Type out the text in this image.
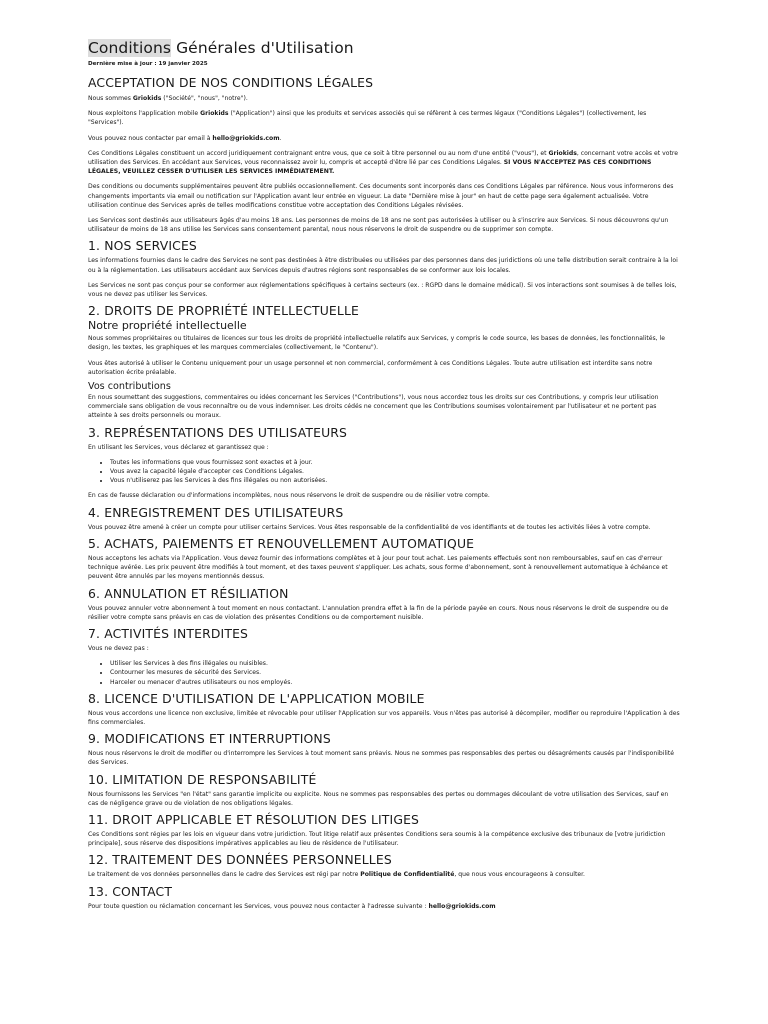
Conditions Générales d'Utilisation
Dernière mise à jour : 19 janvier 2025
ACCEPTATION DE NOS CONDITIONS LÉGALES

Nous sommes Griokids ("Société", "nous", "notre").

Nous exploitons l'application mobile Griokids ("Application") ainsi que les produits et services associés qui se réfèrent à ces termes légaux ("Conditions Légales") (collectivement, les "Services").

Vous pouvez nous contacter par email à hello@griokids.com.

Ces Conditions Légales constituent un accord juridiquement contraignant entre vous, que ce soit à titre personnel ou au nom d'une entité ("vous"), et Griokids, concernant votre accès et votre utilisation des Services. En accédant aux Services, vous reconnaissez avoir lu, compris et accepté d'être lié par ces Conditions Légales. SI VOUS N'ACCEPTEZ PAS CES CONDITIONS LÉGALES, VEUILLEZ CESSER D'UTILISER LES SERVICES IMMÉDIATEMENT.

Des conditions ou documents supplémentaires peuvent être publiés occasionnellement. Ces documents sont incorporés dans ces Conditions Légales par référence. Nous vous informerons des changements importants via email ou notification sur l'Application avant leur entrée en vigueur. La date "Dernière mise à jour" en haut de cette page sera également actualisée. Votre utilisation continue des Services après de telles modifications constitue votre acceptation des Conditions Légales révisées.

Les Services sont destinés aux utilisateurs âgés d'au moins 18 ans. Les personnes de moins de 18 ans ne sont pas autorisées à utiliser ou à s'inscrire aux Services. Si nous découvrons qu'un utilisateur de moins de 18 ans utilise les Services sans consentement parental, nous nous réservons le droit de suspendre ou de supprimer son compte.

1. NOS SERVICES

Les informations fournies dans le cadre des Services ne sont pas destinées à être distribuées ou utilisées par des personnes dans des juridictions où une telle distribution serait contraire à la loi ou à la réglementation. Les utilisateurs accédant aux Services depuis d'autres régions sont responsables de se conformer aux lois locales.

Les Services ne sont pas conçus pour se conformer aux réglementations spécifiques à certains secteurs (ex. : RGPD dans le domaine médical). Si vos interactions sont soumises à de telles lois, vous ne devez pas utiliser les Services.

2. DROITS DE PROPRIÉTÉ INTELLECTUELLE
Notre propriété intellectuelle

Nous sommes propriétaires ou titulaires de licences sur tous les droits de propriété intellectuelle relatifs aux Services, y compris le code source, les bases de données, les fonctionnalités, le design, les textes, les graphiques et les marques commerciales (collectivement, le "Contenu").

Vous êtes autorisé à utiliser le Contenu uniquement pour un usage personnel et non commercial, conformément à ces Conditions Légales. Toute autre utilisation est interdite sans notre autorisation écrite préalable.

Vos contributions

En nous soumettant des suggestions, commentaires ou idées concernant les Services ("Contributions"), vous nous accordez tous les droits sur ces Contributions, y compris leur utilisation commerciale sans obligation de vous reconnaître ou de vous indemniser. Les droits cédés ne concernent que les Contributions soumises volontairement par l'utilisateur et ne portent pas atteinte à ses droits personnels ou moraux.

3. REPRÉSENTATIONS DES UTILISATEURS

En utilisant les Services, vous déclarez et garantissez que :

• Toutes les informations que vous fournissez sont exactes et à jour.
• Vous avez la capacité légale d'accepter ces Conditions Légales.
• Vous n'utiliserez pas les Services à des fins illégales ou non autorisées.

En cas de fausse déclaration ou d'informations incomplètes, nous nous réservons le droit de suspendre ou de résilier votre compte.

4. ENREGISTREMENT DES UTILISATEURS

Vous pouvez être amené à créer un compte pour utiliser certains Services. Vous êtes responsable de la confidentialité de vos identifiants et de toutes les activités liées à votre compte.

5. ACHATS, PAIEMENTS ET RENOUVELLEMENT AUTOMATIQUE

Nous acceptons les achats via l'Application. Vous devez fournir des informations complètes et à jour pour tout achat. Les paiements effectués sont non remboursables, sauf en cas d'erreur technique avérée. Les prix peuvent être modifiés à tout moment, et des taxes peuvent s'appliquer. Les achats, sous forme d'abonnement, sont à renouvellement automatique à échéance et peuvent être annulés par les moyens mentionnés dessus.

6. ANNULATION ET RÉSILIATION

Vous pouvez annuler votre abonnement à tout moment en nous contactant. L'annulation prendra effet à la fin de la période payée en cours. Nous nous réservons le droit de suspendre ou de résilier votre compte sans préavis en cas de violation des présentes Conditions ou de comportement nuisible.

7. ACTIVITÉS INTERDITES

Vous ne devez pas :

• Utiliser les Services à des fins illégales ou nuisibles.
• Contourner les mesures de sécurité des Services.
• Harceler ou menacer d'autres utilisateurs ou nos employés.
8. LICENCE D'UTILISATION DE L'APPLICATION MOBILE

Nous vous accordons une licence non exclusive, limitée et révocable pour utiliser l'Application sur vos appareils. Vous n'êtes pas autorisé à décompiler, modifier ou reproduire l'Application à des fins commerciales.

9. MODIFICATIONS ET INTERRUPTIONS

Nous nous réservons le droit de modifier ou d'interrompre les Services à tout moment sans préavis. Nous ne sommes pas responsables des pertes ou désagréments causés par l'indisponibilité des Services.

10. LIMITATION DE RESPONSABILITÉ

Nous fournissons les Services "en l'état" sans garantie implicite ou explicite. Nous ne sommes pas responsables des pertes ou dommages découlant de votre utilisation des Services, sauf en cas de négligence grave ou de violation de nos obligations légales.

11. DROIT APPLICABLE ET RÉSOLUTION DES LITIGES

Ces Conditions sont régies par les lois en vigueur dans votre juridiction. Tout litige relatif aux présentes Conditions sera soumis à la compétence exclusive des tribunaux de [votre juridiction principale], sous réserve des dispositions impératives applicables au lieu de résidence de l'utilisateur.

12. TRAITEMENT DES DONNÉES PERSONNELLES

Le traitement de vos données personnelles dans le cadre des Services est régi par notre Politique de Confidentialité, que nous vous encourageons à consulter.

13. CONTACT

Pour toute question ou réclamation concernant les Services, vous pouvez nous contacter à l'adresse suivante : hello@griokids.com
